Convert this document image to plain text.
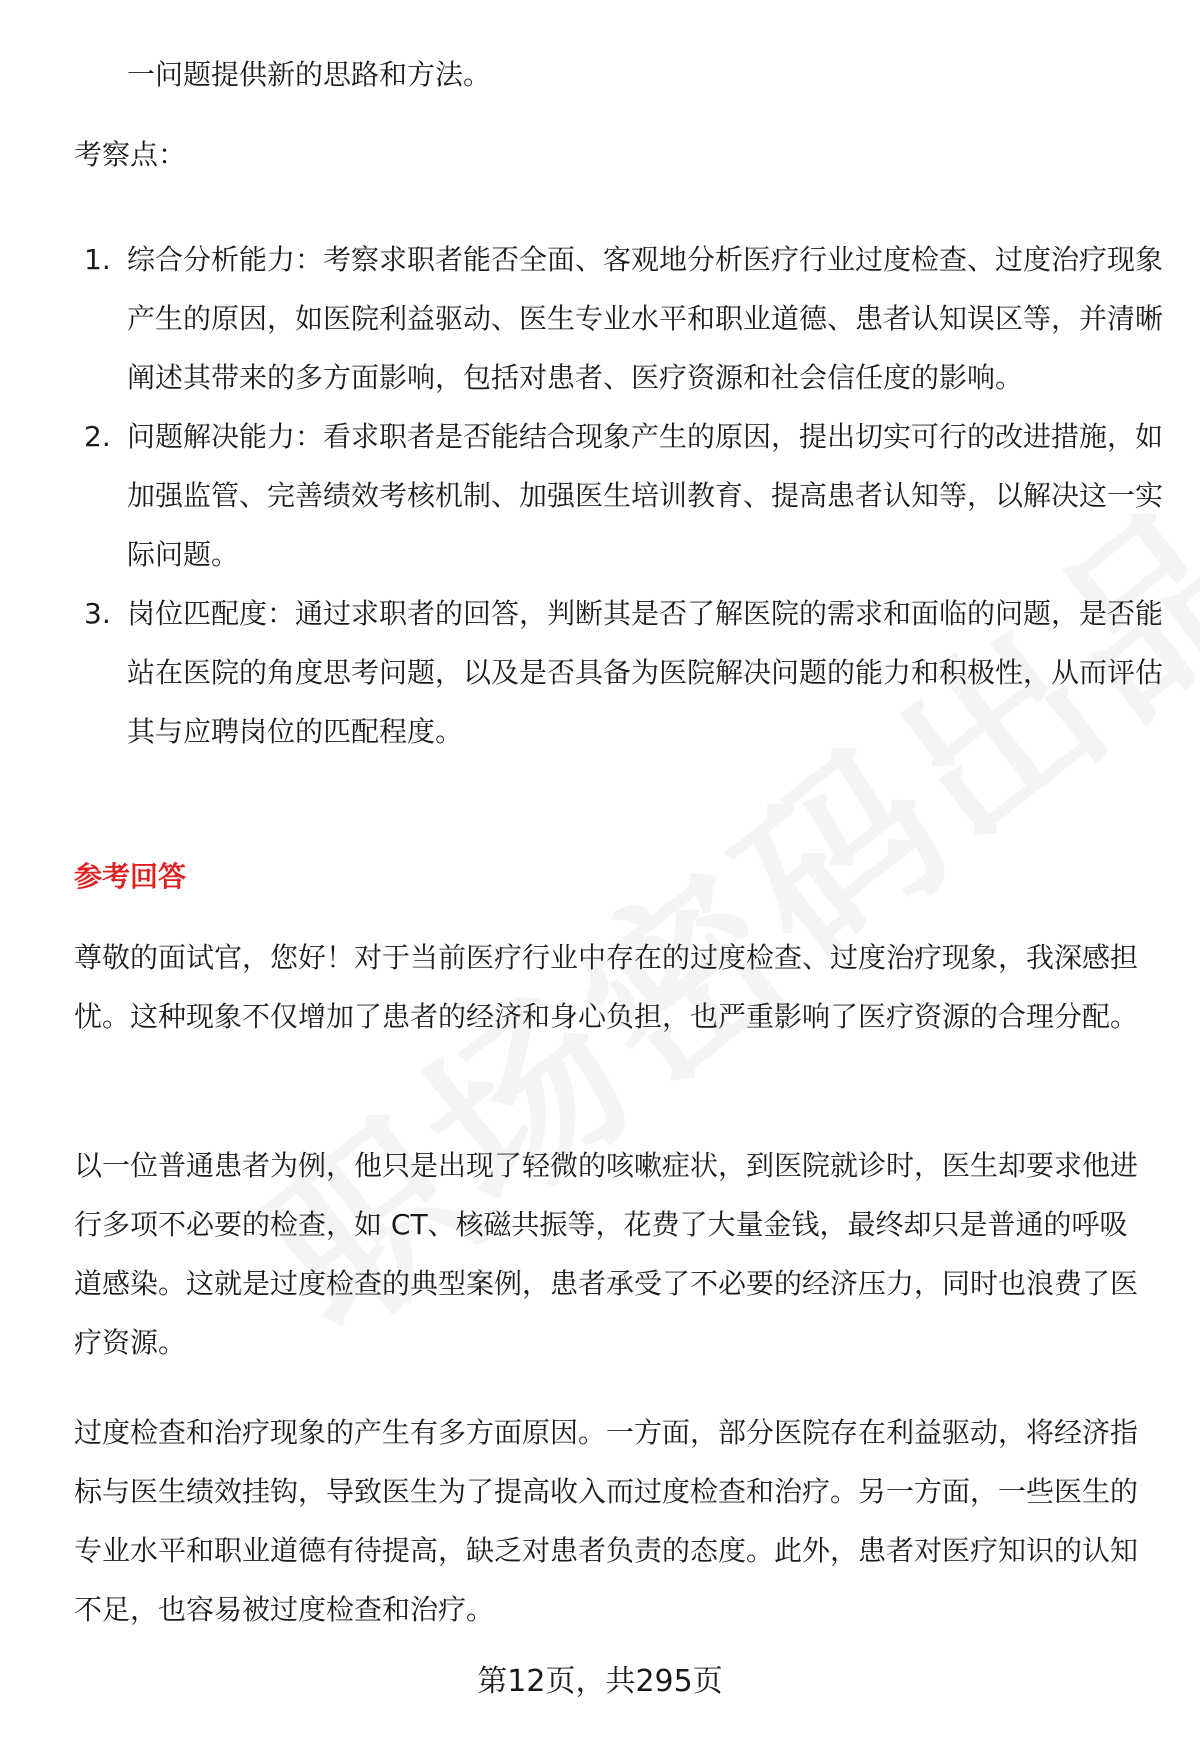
一问题提供新的思路和方法。

考察点：

1. 综合分析能力：考察求职者能否全面、客观地分析医疗行业过度检查、过度治疗现象产生的原因，如医院利益驱动、医生专业水平和职业道德、患者认知误区等，并清晰阐述其带来的多方面影响，包括对患者、医疗资源和社会信任度的影响。
2. 问题解决能力：看求职者是否能结合现象产生的原因，提出切实可行的改进措施，如加强监管、完善绩效考核机制、加强医生培训教育、提高患者认知等，以解决这一实际问题。
3. 岗位匹配度：通过求职者的回答，判断其是否了解医院的需求和面临的问题，是否能站在医院的角度思考问题，以及是否具备为医院解决问题的能力和积极性，从而评估其与应聘岗位的匹配程度。

参考回答

尊敬的面试官，您好！对于当前医疗行业中存在的过度检查、过度治疗现象，我深感担忧。这种现象不仅增加了患者的经济和身心负担，也严重影响了医疗资源的合理分配。

以一位普通患者为例，他只是出现了轻微的咳嗽症状，到医院就诊时，医生却要求他进行多项不必要的检查，如 CT、核磁共振等，花费了大量金钱，最终却只是普通的呼吸道感染。这就是过度检查的典型案例，患者承受了不必要的经济压力，同时也浪费了医疗资源。

过度检查和治疗现象的产生有多方面原因。一方面，部分医院存在利益驱动，将经济指标与医生绩效挂钩，导致医生为了提高收入而过度检查和治疗。另一方面，一些医生的专业水平和职业道德有待提高，缺乏对患者负责的态度。此外，患者对医疗知识的认知不足，也容易被过度检查和治疗。

第12页，共295页
